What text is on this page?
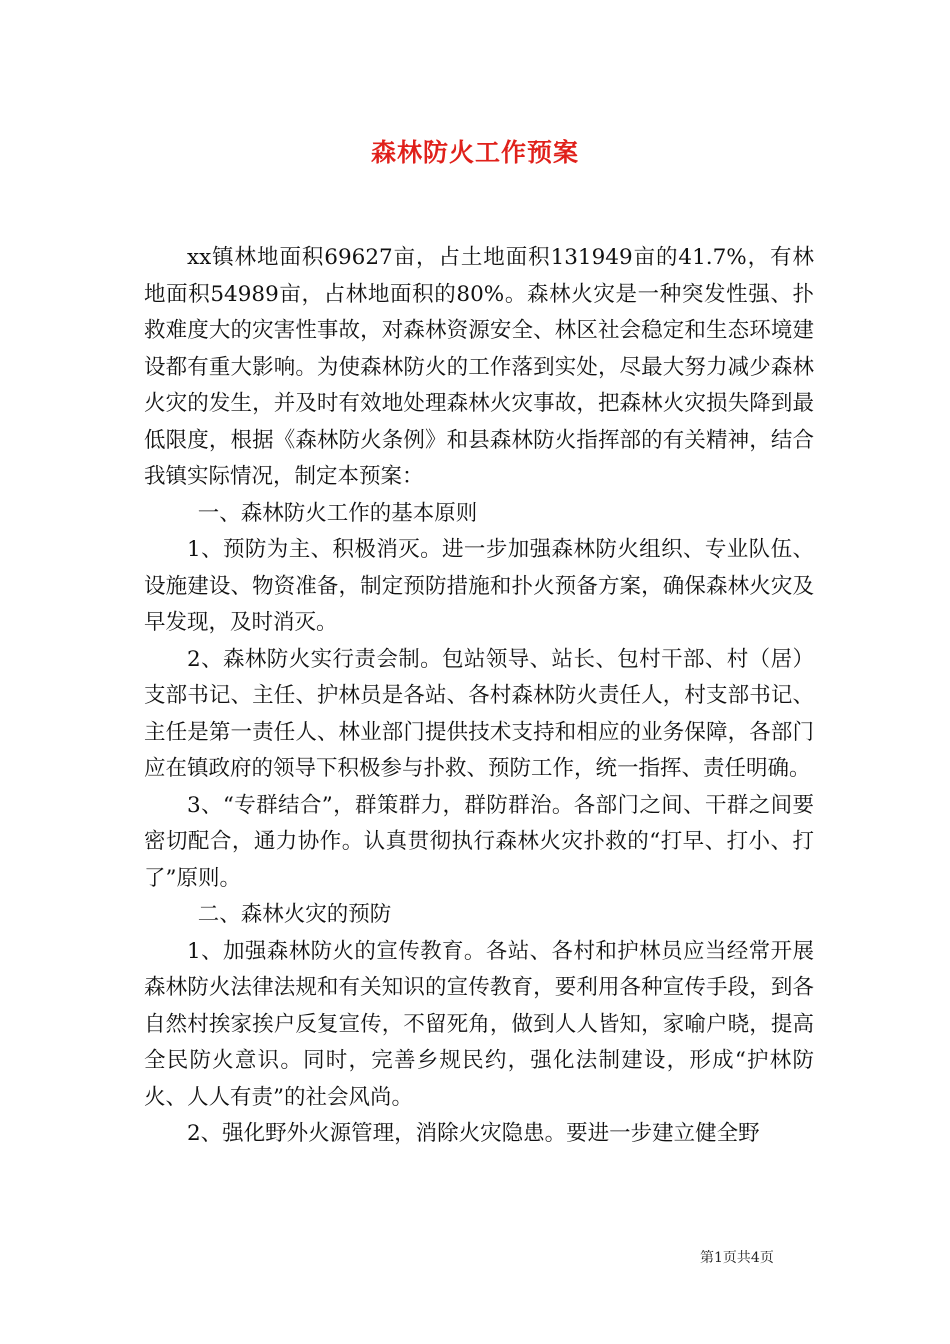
森林防火工作预案

xx镇林地面积69627亩，占土地面积131949亩的41.7%，有林地面积54989亩，占林地面积的80%。森林火灾是一种突发性强、扑救难度大的灾害性事故，对森林资源安全、林区社会稳定和生态环境建设都有重大影响。为使森林防火的工作落到实处，尽最大努力减少森林火灾的发生，并及时有效地处理森林火灾事故，把森林火灾损失降到最低限度，根据《森林防火条例》和县森林防火指挥部的有关精神，结合我镇实际情况，制定本预案：

一、森林防火工作的基本原则

1、预防为主、积极消灭。进一步加强森林防火组织、专业队伍、设施建设、物资准备，制定预防措施和扑火预备方案，确保森林火灾及早发现，及时消灭。

2、森林防火实行责会制。包站领导、站长、包村干部、村（居）支部书记、主任、护林员是各站、各村森林防火责任人，村支部书记、主任是第一责任人、林业部门提供技术支持和相应的业务保障，各部门应在镇政府的领导下积极参与扑救、预防工作，统一指挥、责任明确。

3、“专群结合”，群策群力，群防群治。各部门之间、干群之间要密切配合，通力协作。认真贯彻执行森林火灾扑救的“打早、打小、打了”原则。

二、森林火灾的预防

1、加强森林防火的宣传教育。各站、各村和护林员应当经常开展森林防火法律法规和有关知识的宣传教育，要利用各种宣传手段，到各自然村挨家挨户反复宣传，不留死角，做到人人皆知，家喻户晓，提高全民防火意识。同时，完善乡规民约，强化法制建设，形成“护林防火、人人有责”的社会风尚。

2、强化野外火源管理，消除火灾隐患。要进一步建立健全野

第1页共4页
